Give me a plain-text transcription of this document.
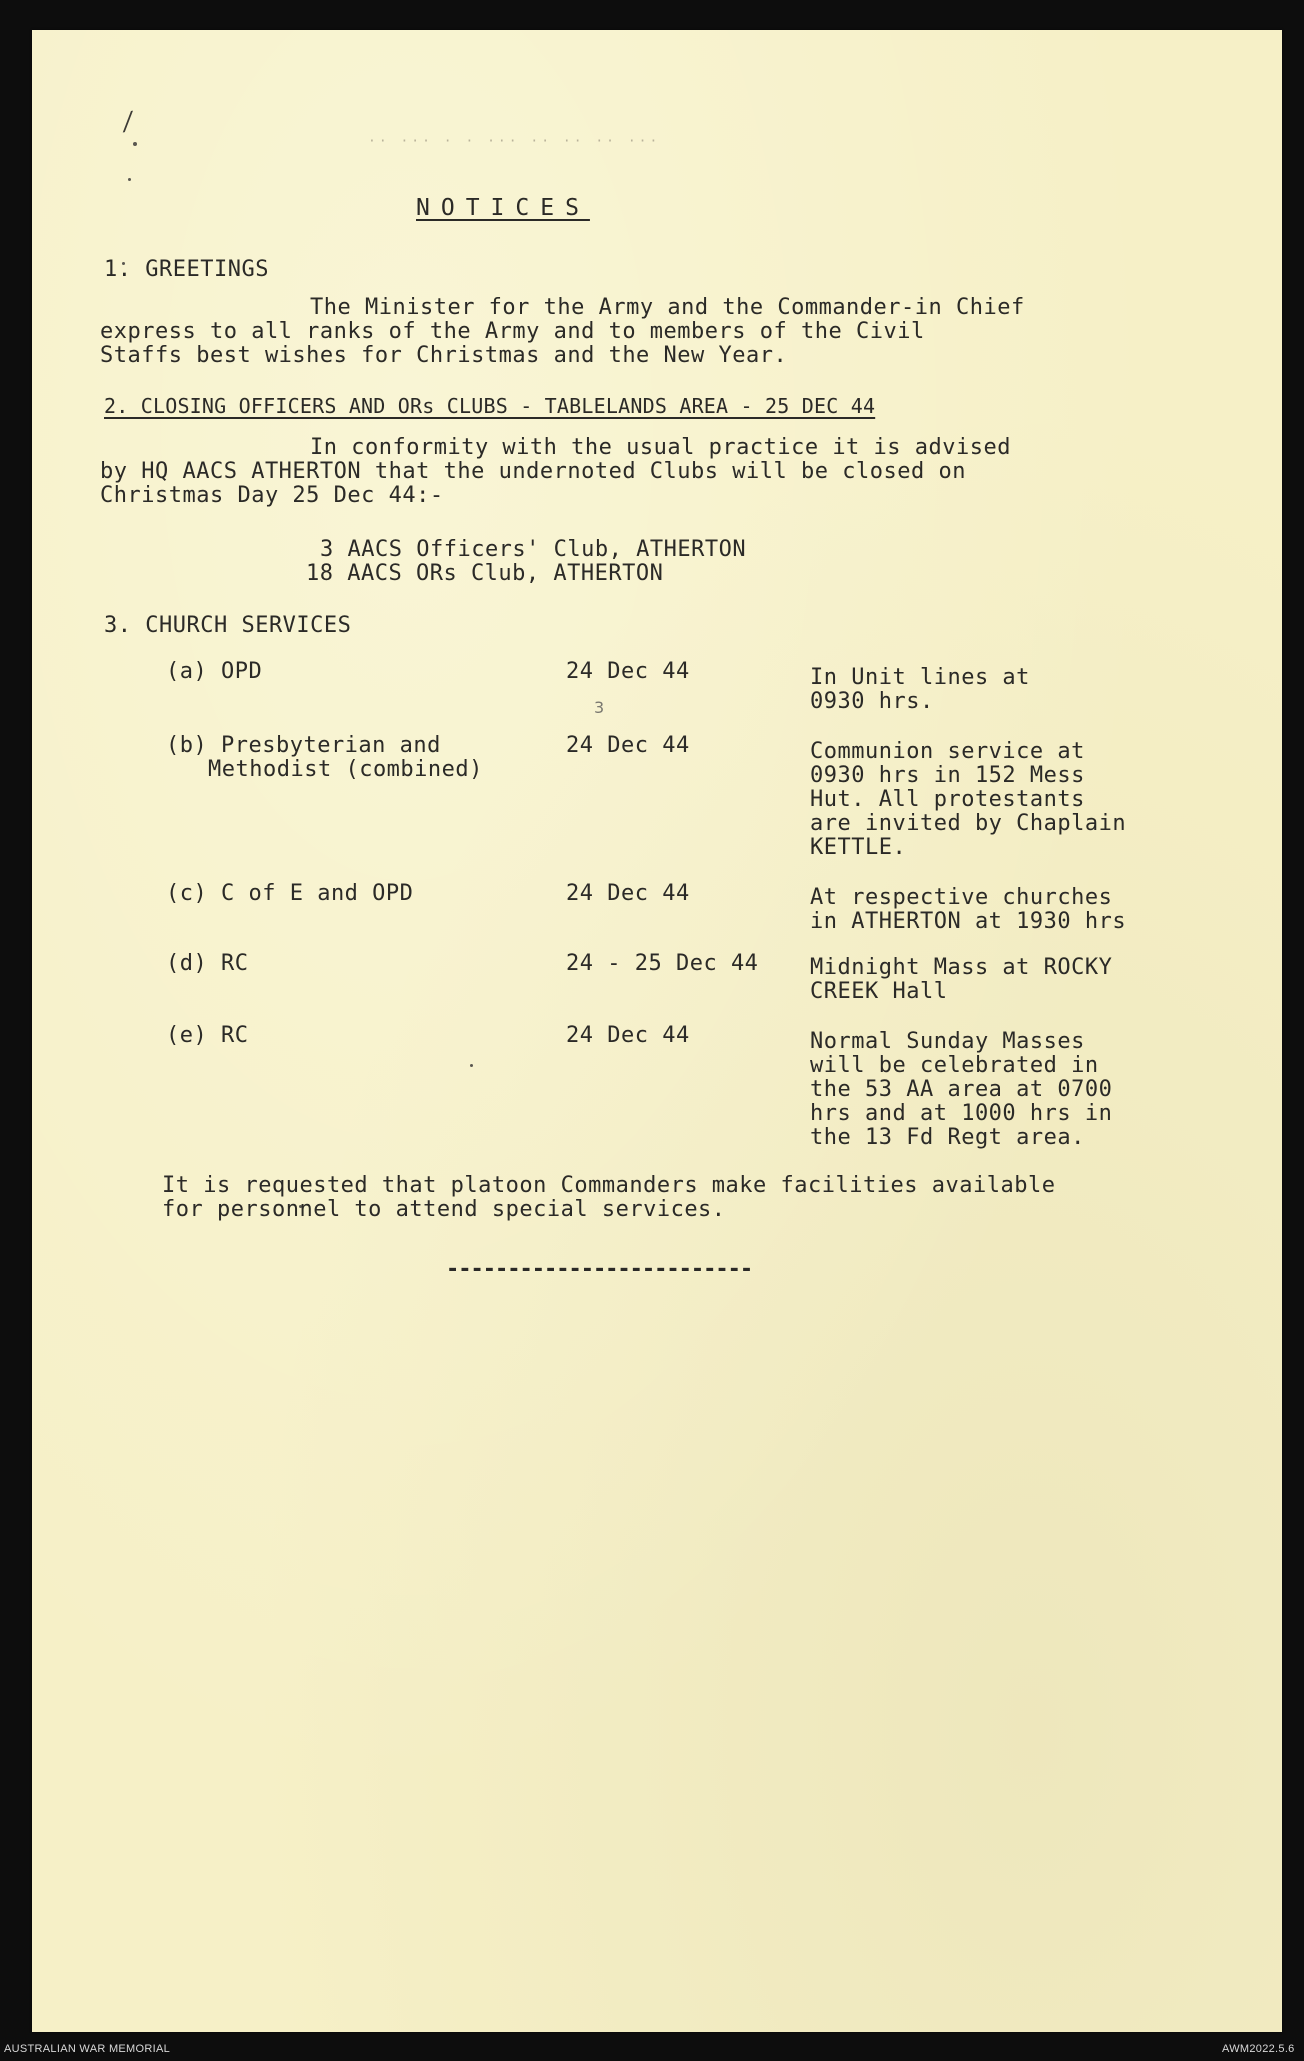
⁄
·· ··· · · ··· ·· ·· ·· ···
NOTICES
1. GREETINGS
The Minister for the Army and the Commander-in Chief
express to all ranks of the Army and to members of the Civil
Staffs best wishes for Christmas and the New Year.
2. CLOSING OFFICERS AND ORs CLUBS - TABLELANDS AREA - 25 DEC 44
In conformity with the usual practice it is advised
by HQ AACS ATHERTON that the undernoted Clubs will be closed on
Christmas Day 25 Dec 44:-
3 AACS Officers' Club, ATHERTON
18 AACS ORs Club, ATHERTON
3. CHURCH SERVICES
(a) OPD	24 Dec 44	In Unit lines at
0930 hrs.
3
(b) Presbyterian and
Methodist (combined)
24 Dec 44	Communion service at
0930 hrs in 152 Mess
Hut. All protestants
are invited by Chaplain
KETTLE.
(c) C of E and OPD	24 Dec 44	At respective churches
in ATHERTON at 1930 hrs
(d) RC	24 - 25 Dec 44 Midnight Mass at ROCKY
CREEK Hall
(e) RC	24 Dec 44	Normal Sunday Masses
will be celebrated in
the 53 AA area at 0700
hrs and at 1000 hrs in
the 13 Fd Regt area.
It is requested that platoon Commanders make facilities available
for personnel to attend special services.
-------------------------
AUSTRALIAN WAR MEMORIAL	AWM2022.5.6
